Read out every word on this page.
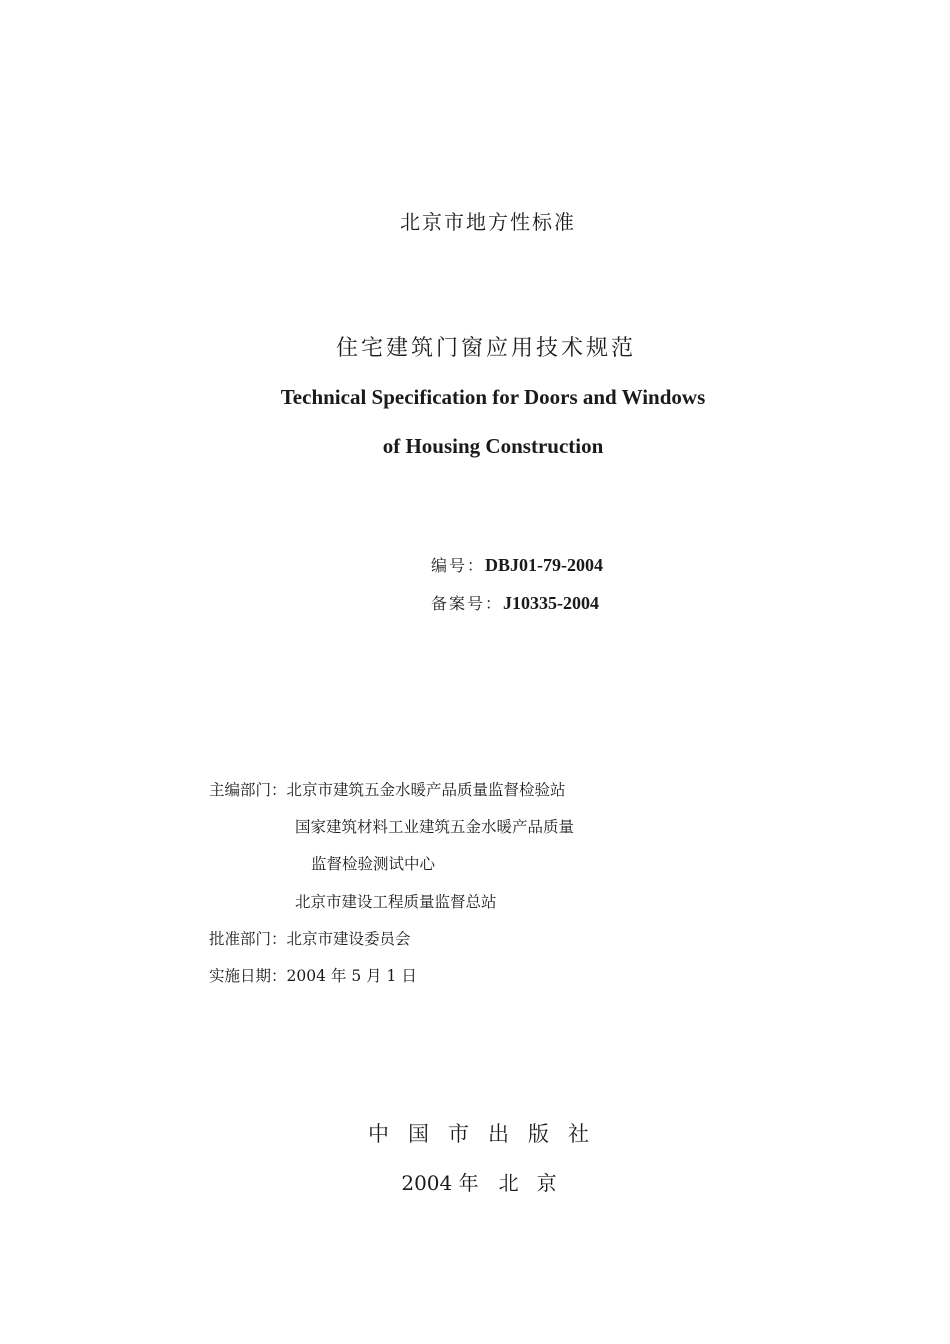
北京市地方性标准
住宅建筑门窗应用技术规范
Technical Specification for Doors and Windows
of Housing Construction
编号：DBJ01-79-2004
备案号：J10335-2004
主编部门：北京市建筑五金水暖产品质量监督检验站
国家建筑材料工业建筑五金水暖产品质量
监督检验测试中心
北京市建设工程质量监督总站
批准部门：北京市建设委员会
实施日期：2004 年 5 月 1 日
中国市出版社
2004 年 北京
